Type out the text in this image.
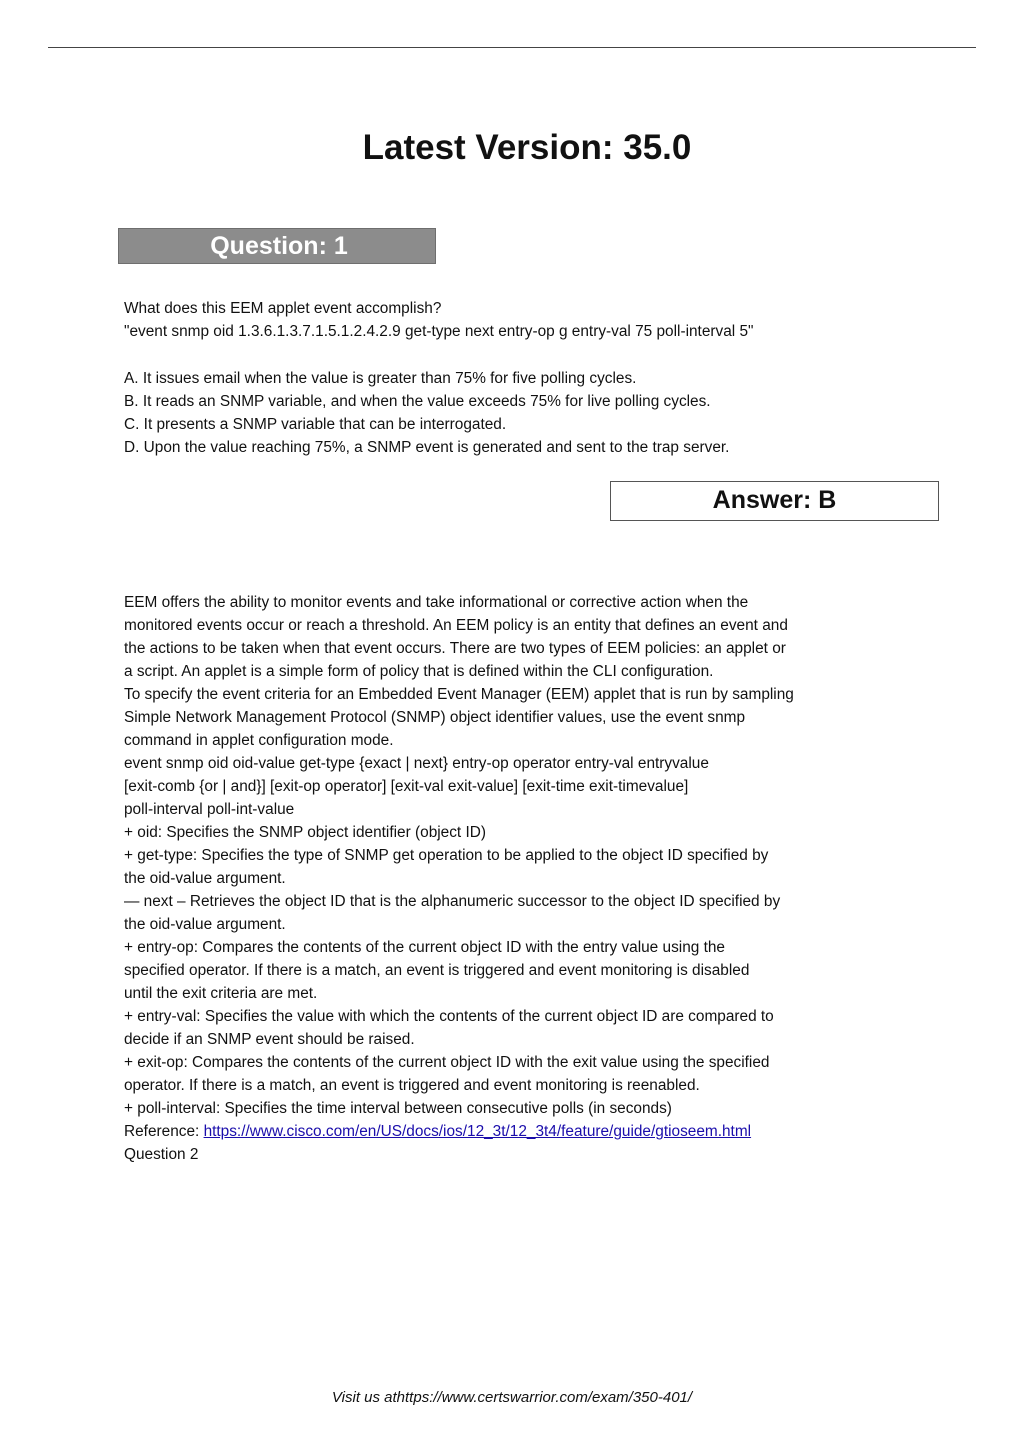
Latest Version: 35.0
Question: 1
What does this EEM applet event accomplish?
"event snmp oid 1.3.6.1.3.7.1.5.1.2.4.2.9 get-type next entry-op g entry-val 75 poll-interval 5"
A. It issues email when the value is greater than 75% for five polling cycles.
B. It reads an SNMP variable, and when the value exceeds 75% for live polling cycles.
C. It presents a SNMP variable that can be interrogated.
D. Upon the value reaching 75%, a SNMP event is generated and sent to the trap server.
Answer: B
EEM offers the ability to monitor events and take informational or corrective action when the
monitored events occur or reach a threshold. An EEM policy is an entity that defines an event and
the actions to be taken when that event occurs. There are two types of EEM policies: an applet or
a script. An applet is a simple form of policy that is defined within the CLI configuration.
To specify the event criteria for an Embedded Event Manager (EEM) applet that is run by sampling
Simple Network Management Protocol (SNMP) object identifier values, use the event snmp
command in applet configuration mode.
event snmp oid oid-value get-type {exact | next} entry-op operator entry-val entryvalue
[exit-comb {or | and}] [exit-op operator] [exit-val exit-value] [exit-time exit-timevalue]
poll-interval poll-int-value
+ oid: Specifies the SNMP object identifier (object ID)
+ get-type: Specifies the type of SNMP get operation to be applied to the object ID specified by
the oid-value argument.
— next – Retrieves the object ID that is the alphanumeric successor to the object ID specified by
the oid-value argument.
+ entry-op: Compares the contents of the current object ID with the entry value using the
specified operator. If there is a match, an event is triggered and event monitoring is disabled
until the exit criteria are met.
+ entry-val: Specifies the value with which the contents of the current object ID are compared to
decide if an SNMP event should be raised.
+ exit-op: Compares the contents of the current object ID with the exit value using the specified
operator. If there is a match, an event is triggered and event monitoring is reenabled.
+ poll-interval: Specifies the time interval between consecutive polls (in seconds)
Reference: https://www.cisco.com/en/US/docs/ios/12_3t/12_3t4/feature/guide/gtioseem.html
Question 2
Visit us athttps://www.certswarrior.com/exam/350-401/
